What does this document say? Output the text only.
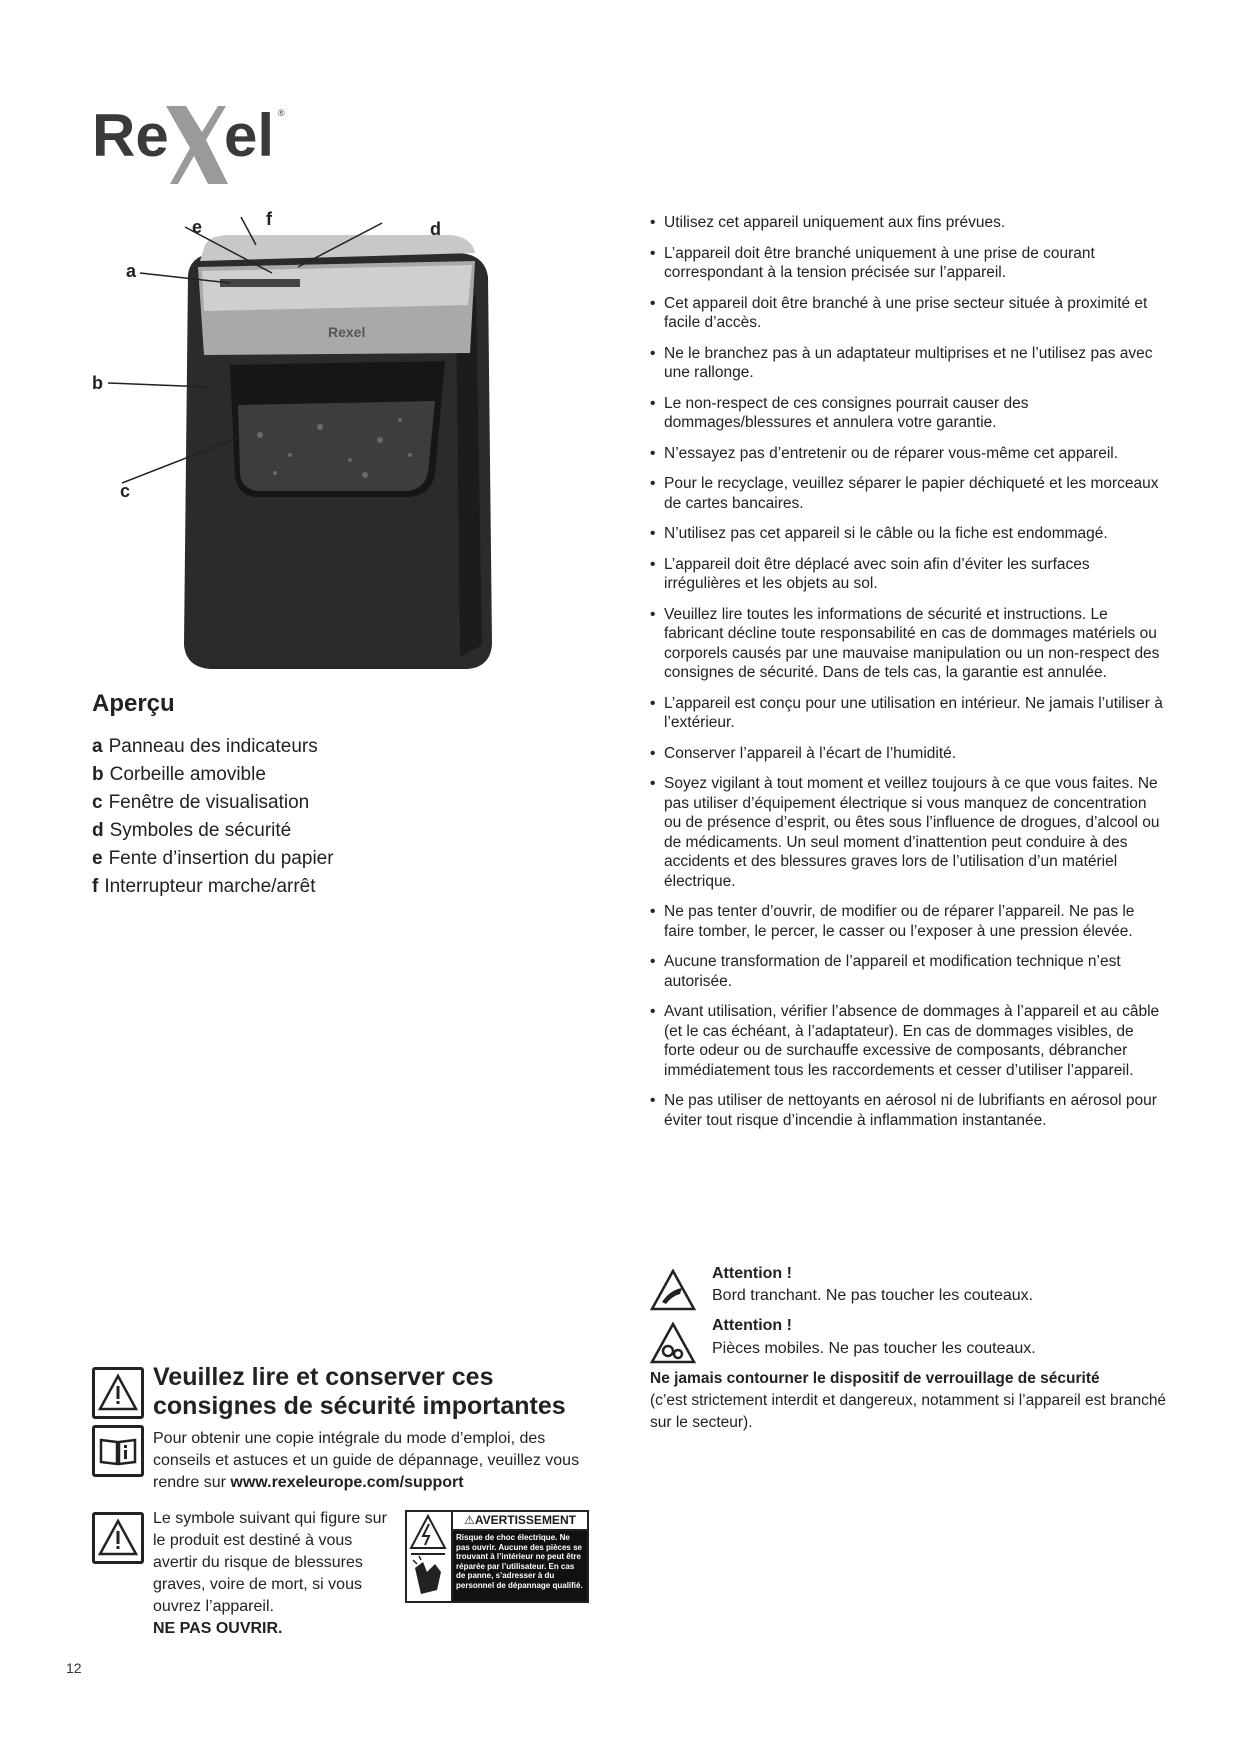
Re el ®
Rexel
a
b
c
d
e	f
Aperçu
a Panneau des indicateurs
b Corbeille amovible
c Fenêtre de visualisation
d Symboles de sécurité
e Fente d’insertion du papier
f Interrupteur marche/arrêt
• Utilisez cet appareil uniquement aux fins prévues.
• L’appareil doit être branché uniquement à une prise de courant correspondant à la tension précisée sur l’appareil.
• Cet appareil doit être branché à une prise secteur située à proximité et facile d’accès.
• Ne le branchez pas à un adaptateur multiprises et ne l’utilisez pas avec une rallonge.
• Le non-respect de ces consignes pourrait causer des dommages/blessures et annulera votre garantie.
• N’essayez pas d’entretenir ou de réparer vous-même cet appareil.
• Pour le recyclage, veuillez séparer le papier déchiqueté et les morceaux de cartes bancaires.
• N’utilisez pas cet appareil si le câble ou la fiche est endommagé.
• L’appareil doit être déplacé avec soin afin d’éviter les surfaces irrégulières et les objets au sol.
• Veuillez lire toutes les informations de sécurité et instructions. Le fabricant décline toute responsabilité en cas de dommages matériels ou corporels causés par une mauvaise manipulation ou un non-respect des consignes de sécurité. Dans de tels cas, la garantie est annulée.
• L’appareil est conçu pour une utilisation en intérieur. Ne jamais l’utiliser à l’extérieur.
• Conserver l’appareil à l’écart de l’humidité.
• Soyez vigilant à tout moment et veillez toujours à ce que vous faites. Ne pas utiliser d’équipement électrique si vous manquez de concentration ou de présence d’esprit, ou êtes sous l’influence de drogues, d’alcool ou de médicaments. Un seul moment d’inattention peut conduire à des accidents et des blessures graves lors de l’utilisation d’un matériel électrique.
• Ne pas tenter d’ouvrir, de modifier ou de réparer l’appareil. Ne pas le faire tomber, le percer, le casser ou l’exposer à une pression élevée.
• Aucune transformation de l’appareil et modification technique n’est autorisée.
• Avant utilisation, vérifier l’absence de dommages à l’appareil et au câble (et le cas échéant, à l’adaptateur). En cas de dommages visibles, de forte odeur ou de surchauffe excessive de composants, débrancher immédiatement tous les raccordements et cesser d’utiliser l’appareil.
• Ne pas utiliser de nettoyants en aérosol ni de lubrifiants en aérosol pour éviter tout risque d’incendie à inflammation instantanée.
Attention !
Bord tranchant. Ne pas toucher les couteaux.
Attention !
Pièces mobiles. Ne pas toucher les couteaux.
Ne jamais contourner le dispositif de verrouillage de sécurité
(c’est strictement interdit et dangereux, notamment si l’appareil est branché sur le secteur).
Veuillez lire et conserver ces consignes de sécurité importantes
Pour obtenir une copie intégrale du mode d’emploi, des conseils et astuces et un guide de dépannage, veuillez vous rendre sur www.rexeleurope.com/support
Le symbole suivant qui figure sur le produit est destiné à vous avertir du risque de blessures graves, voire de mort, si vous ouvrez l’appareil.
NE PAS OUVRIR.
⚠AVERTISSEMENT
Risque de choc électrique. Ne pas ouvrir. Aucune des pièces se trouvant à l’intérieur ne peut être réparée par l’utilisateur. En cas de panne, s’adresser à du personnel de dépannage qualifié.
12
